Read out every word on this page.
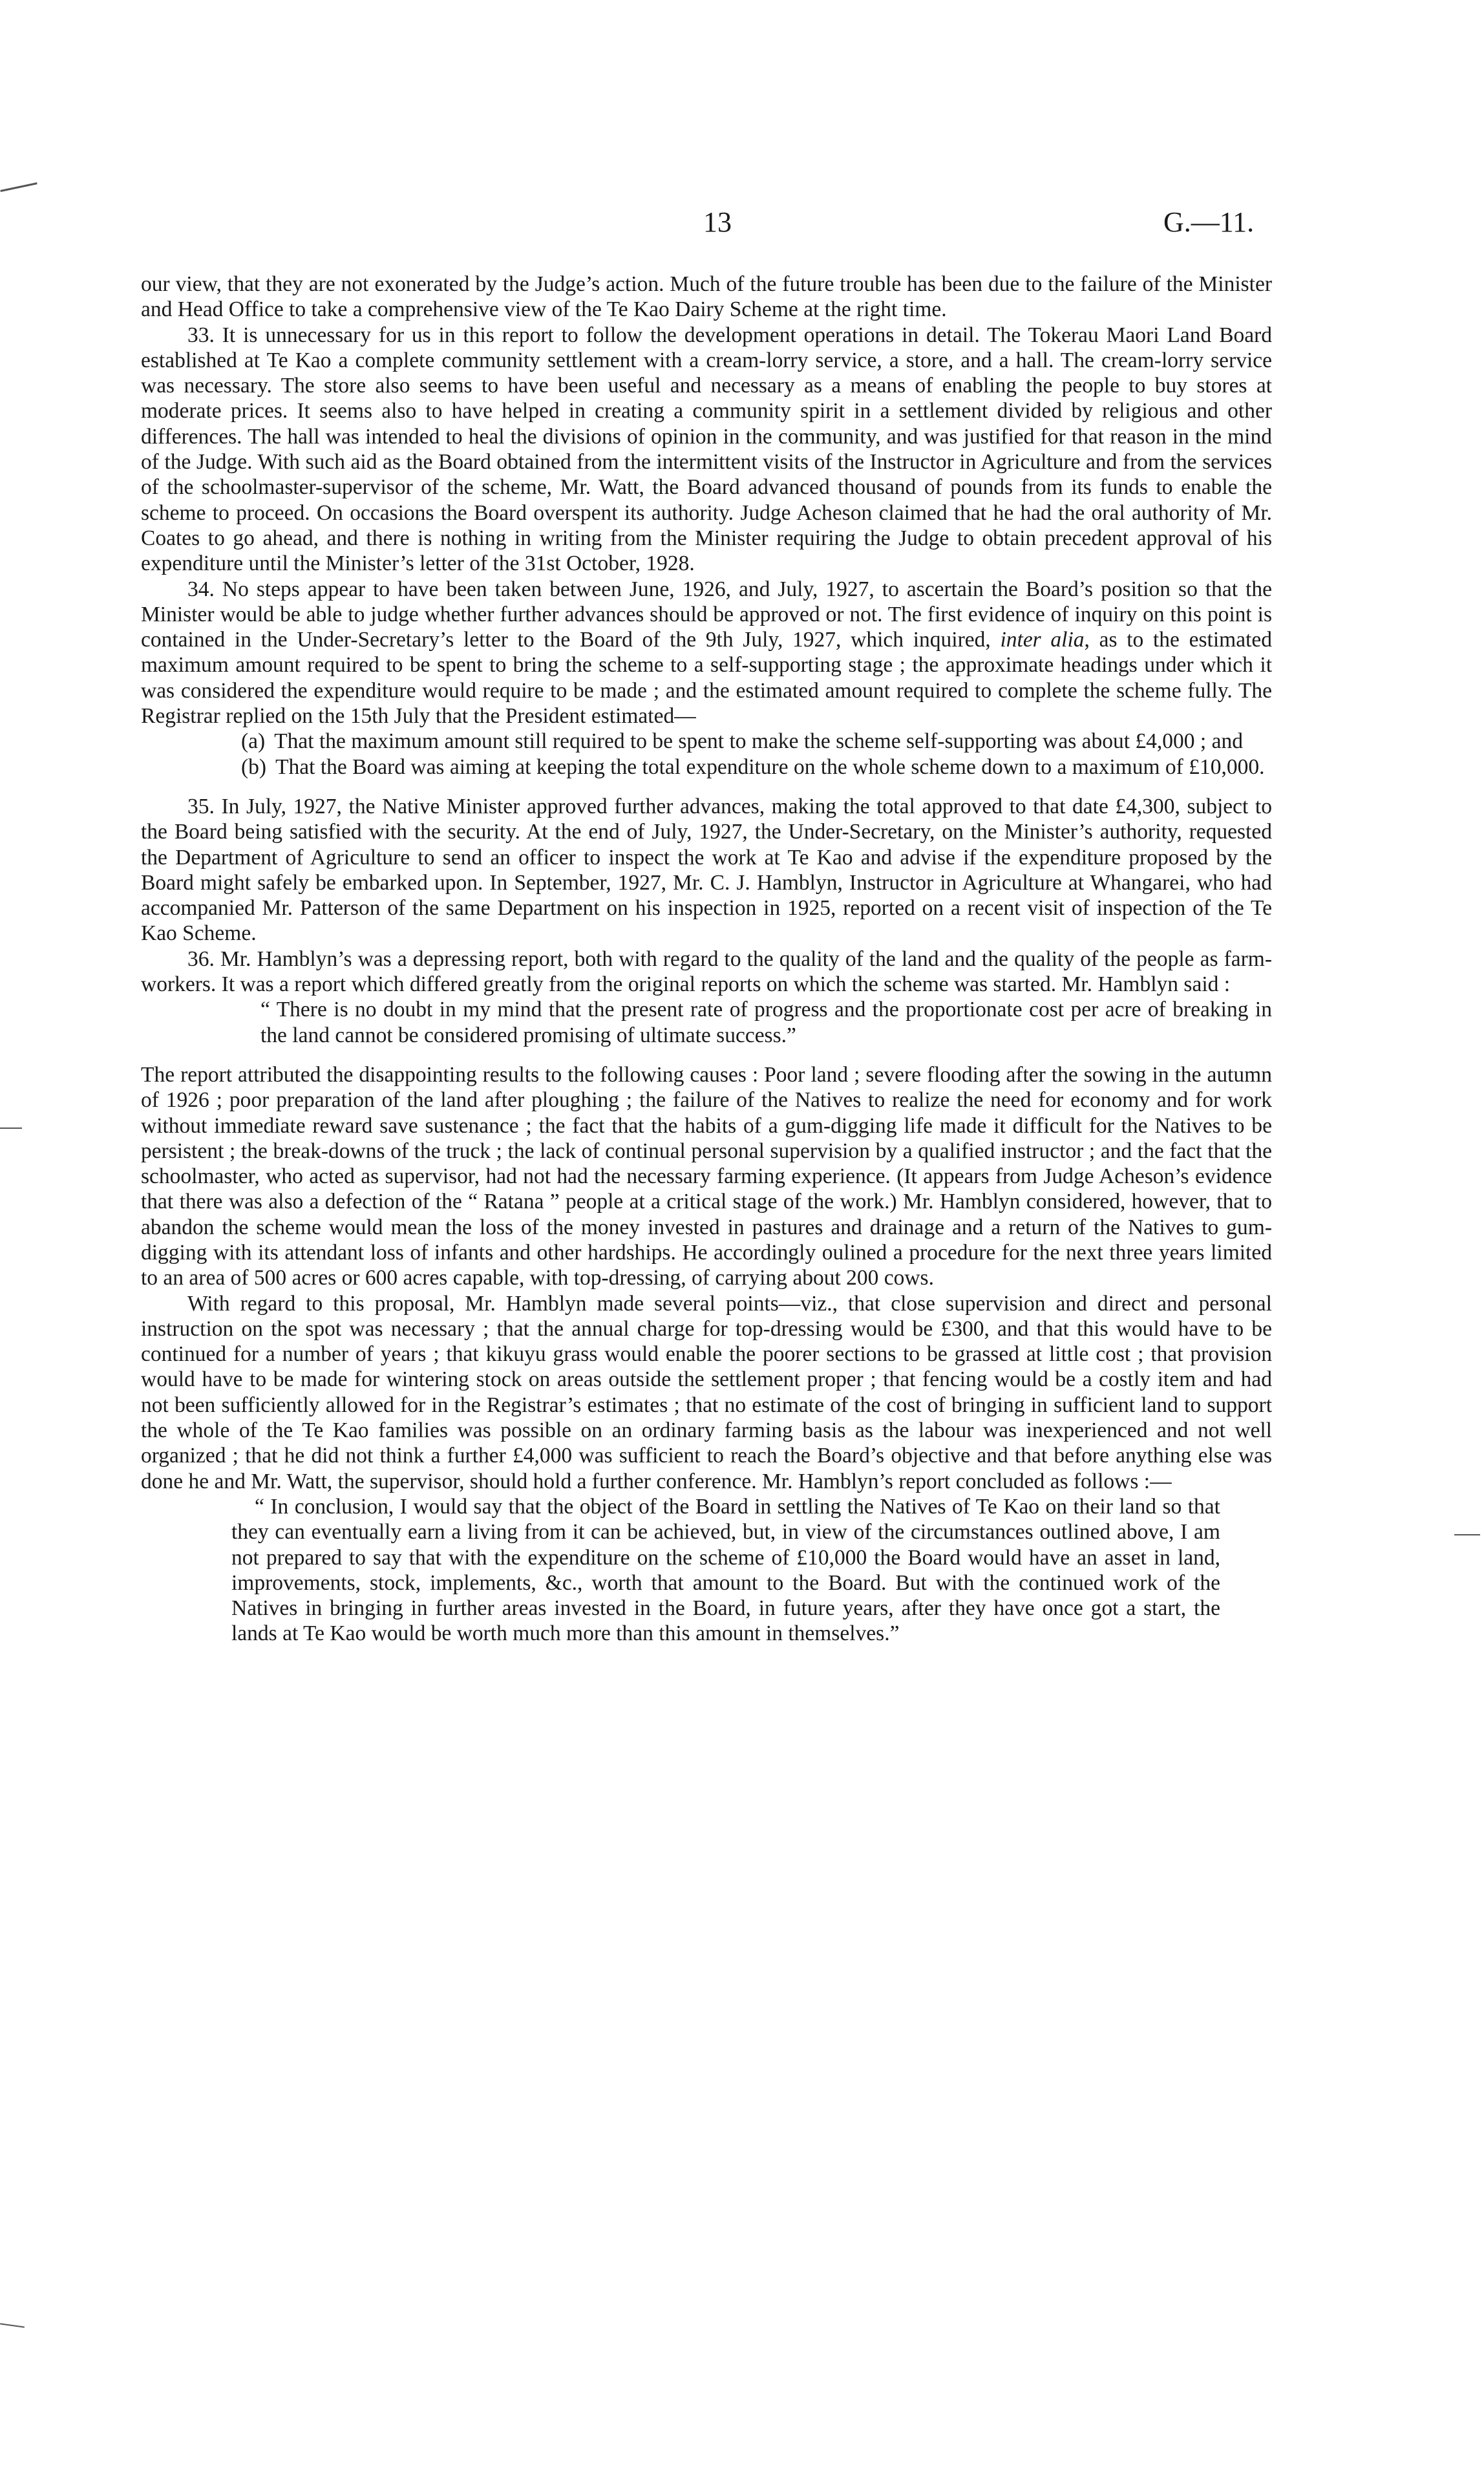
13	G.—11.

our view, that they are not exonerated by the Judge’s action. Much of the future trouble has been due to the failure of the Minister and Head Office to take a comprehensive view of the Te Kao Dairy Scheme at the right time.

33. It is unnecessary for us in this report to follow the development operations in detail. The Tokerau Maori Land Board established at Te Kao a complete community settlement with a cream-lorry service, a store, and a hall. The cream-lorry service was necessary. The store also seems to have been useful and necessary as a means of enabling the people to buy stores at moderate prices. It seems also to have helped in creating a community spirit in a settlement divided by religious and other differences. The hall was intended to heal the divisions of opinion in the community, and was justified for that reason in the mind of the Judge. With such aid as the Board obtained from the intermittent visits of the Instructor in Agriculture and from the services of the schoolmaster-supervisor of the scheme, Mr. Watt, the Board advanced thousand of pounds from its funds to enable the scheme to proceed. On occasions the Board overspent its authority. Judge Acheson claimed that he had the oral authority of Mr. Coates to go ahead, and there is nothing in writing from the Minister requiring the Judge to obtain precedent approval of his expenditure until the Minister’s letter of the 31st October, 1928.

34. No steps appear to have been taken between June, 1926, and July, 1927, to ascertain the Board’s position so that the Minister would be able to judge whether further advances should be approved or not. The first evidence of inquiry on this point is contained in the Under-Secretary’s letter to the Board of the 9th July, 1927, which inquired, inter alia, as to the estimated maximum amount required to be spent to bring the scheme to a self-supporting stage ; the approximate headings under which it was considered the expenditure would require to be made ; and the estimated amount required to complete the scheme fully. The Registrar replied on the 15th July that the President estimated—

(a) That the maximum amount still required to be spent to make the scheme self-supporting was about £4,000 ; and
(b) That the Board was aiming at keeping the total expenditure on the whole scheme down to a maximum of £10,000.

35. In July, 1927, the Native Minister approved further advances, making the total approved to that date £4,300, subject to the Board being satisfied with the security. At the end of July, 1927, the Under-Secretary, on the Minister’s authority, requested the Department of Agriculture to send an officer to inspect the work at Te Kao and advise if the expenditure proposed by the Board might safely be embarked upon. In September, 1927, Mr. C. J. Hamblyn, Instructor in Agriculture at Whangarei, who had accompanied Mr. Patterson of the same Department on his inspection in 1925, reported on a recent visit of inspection of the Te Kao Scheme.

36. Mr. Hamblyn’s was a depressing report, both with regard to the quality of the land and the quality of the people as farm-workers. It was a report which differed greatly from the original reports on which the scheme was started. Mr. Hamblyn said :

“ There is no doubt in my mind that the present rate of progress and the proportionate cost per acre of breaking in the land cannot be considered promising of ultimate success.”

The report attributed the disappointing results to the following causes : Poor land ; severe flooding after the sowing in the autumn of 1926 ; poor preparation of the land after ploughing ; the failure of the Natives to realize the need for economy and for work without immediate reward save sustenance ; the fact that the habits of a gum-digging life made it difficult for the Natives to be persistent ; the break-downs of the truck ; the lack of continual personal supervision by a qualified instructor ; and the fact that the schoolmaster, who acted as supervisor, had not had the necessary farming experience. (It appears from Judge Acheson’s evidence that there was also a defection of the “ Ratana ” people at a critical stage of the work.) Mr. Hamblyn considered, however, that to abandon the scheme would mean the loss of the money invested in pastures and drainage and a return of the Natives to gum-digging with its attendant loss of infants and other hardships. He accordingly oulined a procedure for the next three years limited to an area of 500 acres or 600 acres capable, with top-dressing, of carrying about 200 cows.

With regard to this proposal, Mr. Hamblyn made several points—viz., that close supervision and direct and personal instruction on the spot was necessary ; that the annual charge for top-dressing would be £300, and that this would have to be continued for a number of years ; that kikuyu grass would enable the poorer sections to be grassed at little cost ; that provision would have to be made for wintering stock on areas outside the settlement proper ; that fencing would be a costly item and had not been sufficiently allowed for in the Registrar’s estimates ; that no estimate of the cost of bringing in sufficient land to support the whole of the Te Kao families was possible on an ordinary farming basis as the labour was inexperienced and not well organized ; that he did not think a further £4,000 was sufficient to reach the Board’s objective and that before anything else was done he and Mr. Watt, the supervisor, should hold a further conference. Mr. Hamblyn’s report concluded as follows :—

“ In conclusion, I would say that the object of the Board in settling the Natives of Te Kao on their land so that they can eventually earn a living from it can be achieved, but, in view of the circumstances outlined above, I am not prepared to say that with the expenditure on the scheme of £10,000 the Board would have an asset in land, improvements, stock, implements, &c., worth that amount to the Board. But with the continued work of the Natives in bringing in further areas invested in the Board, in future years, after they have once got a start, the lands at Te Kao would be worth much more than this amount in themselves.”
